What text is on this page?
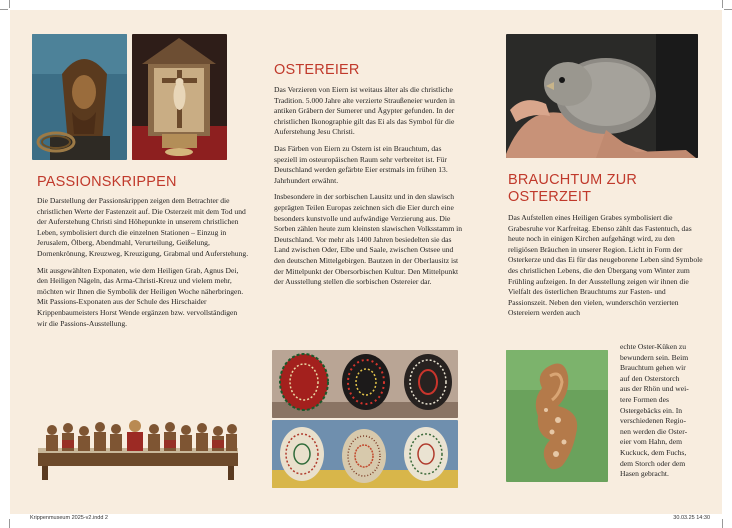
PASSIONSKRIPPEN

Die Darstellung der Passionskrippen zeigen dem Betrachter die christlichen Werte der Fastenzeit auf. Die Osterzeit mit dem Tod und der Auferstehung Christi sind Höhepunkte in unserem christlichen Leben, symbolisiert durch die einzelnen Stationen – Einzug in Jerusalem, Ölberg, Abendmahl, Verurteilung, Geißelung, Dornenkrönung, Kreuzweg, Kreuzigung, Grabmal und Auferstehung.

Mit ausgewählten Exponaten, wie dem Heiligen Grab, Agnus Dei, den Heiligen Nägeln, das Arma-Christi-Kreuz und vielem mehr, möchten wir Ihnen die Symbolik der Heiligen Woche näherbringen. Mit Passions-Exponaten aus der Schule des Hirschaider Krippenbaumeisters Horst Wende ergänzen bzw. vervollständigen wir die Passions-Ausstellung.

OSTEREIER

Das Verzieren von Eiern ist weitaus älter als die christliche Tradition. 5.000 Jahre alte verzierte Straußeneier wurden in antiken Gräbern der Sumerer und Ägypter gefunden. In der christlichen Ikonographie gilt das Ei als das Symbol für die Auferstehung Jesu Christi.

Das Färben von Eiern zu Ostern ist ein Brauchtum, das speziell im osteuropäischen Raum sehr verbreitet ist. Für Deutschland werden gefärbte Eier erstmals im frühen 13. Jahrhundert erwähnt.

Insbesondere in der sorbischen Lausitz und in den slawisch geprägten Teilen Europas zeichnen sich die Eier durch eine besonders kunstvolle und aufwändige Verzierung aus. Die Sorben zählen heute zum kleinsten slawischen Volksstamm in Deutschland. Vor mehr als 1400 Jahren besiedelten sie das Land zwischen Oder, Elbe und Saale, zwischen Ostsee und den deutschen Mittelgebirgen. Bautzen in der Oberlausitz ist der Mittelpunkt der Obersorbischen Kultur. Den Mittelpunkt der Ausstellung stellen die sorbischen Ostereier dar.

BRAUCHTUM ZUR
OSTERZEIT

Das Aufstellen eines Heiligen Grabes symbolisiert die Grabesruhe vor Karfreitag. Ebenso zählt das Fastentuch, das heute noch in einigen Kirchen aufgehängt wird, zu den religiösen Bräuchen in unserer Region. Licht in Form der Osterkerze und das Ei für das neugeborene Leben sind Symbole des christlichen Lebens, die den Übergang vom Winter zum Frühling aufzeigen. In der Ausstellung zeigen wir ihnen die Vielfalt des österlichen Brauchtums zur Fasten- und Passionszeit. Neben den vielen, wunderschön verzierten Ostereiern werden auch

echte Oster-Küken zu
bewundern sein. Beim
Brauchtum gehen wir
auf den Osterstorch
aus der Rhön und wei-
tere Formen des
Ostergebäcks ein. In
verschiedenen Regio-
nen werden die Oster-
eier vom Hahn, dem
Kuckuck, dem Fuchs,
dem Storch oder dem
Hasen gebracht.
Krippenmuseum 2025-v2.indd 2	30.03.25 14:30
